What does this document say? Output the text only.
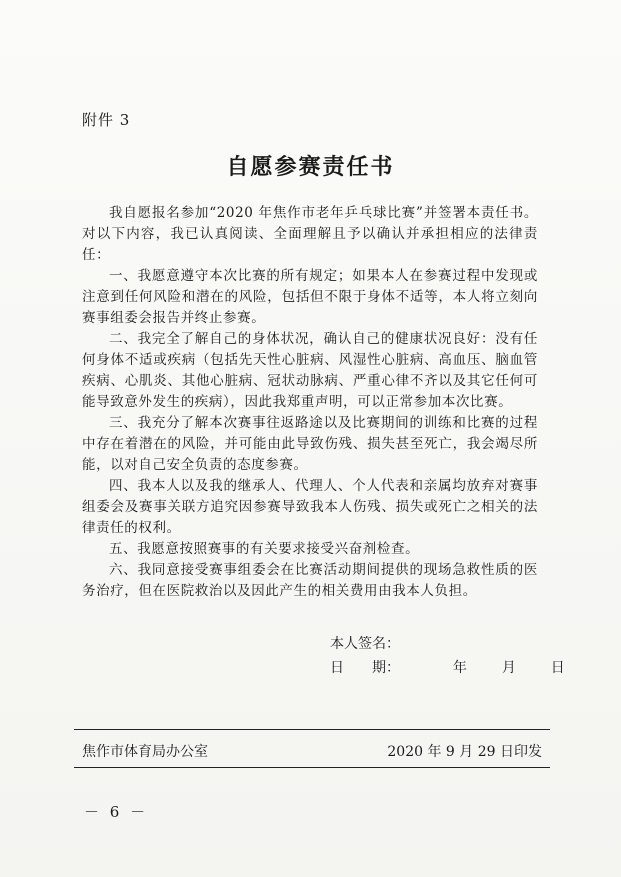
附件 3
自愿参赛责任书

我自愿报名参加“2020 年焦作市老年乒乓球比赛”并签署本责任书。对以下内容，我已认真阅读、全面理解且予以确认并承担相应的法律责任：

一、我愿意遵守本次比赛的所有规定；如果本人在参赛过程中发现或注意到任何风险和潜在的风险，包括但不限于身体不适等，本人将立刻向赛事组委会报告并终止参赛。

二、我完全了解自己的身体状况，确认自己的健康状况良好：没有任何身体不适或疾病（包括先天性心脏病、风湿性心脏病、高血压、脑血管疾病、心肌炎、其他心脏病、冠状动脉病、严重心律不齐以及其它任何可能导致意外发生的疾病），因此我郑重声明，可以正常参加本次比赛。

三、我充分了解本次赛事往返路途以及比赛期间的训练和比赛的过程中存在着潜在的风险，并可能由此导致伤残、损失甚至死亡，我会竭尽所能，以对自己安全负责的态度参赛。

四、我本人以及我的继承人、代理人、个人代表和亲属均放弃对赛事组委会及赛事关联方追究因参赛导致我本人伤残、损失或死亡之相关的法律责任的权利。

五、我愿意按照赛事的有关要求接受兴奋剂检查。

六、我同意接受赛事组委会在比赛活动期间提供的现场急救性质的医务治疗，但在医院救治以及因此产生的相关费用由我本人负担。

本人签名：
日　　期：	年 月 日
焦作市体育局办公室	2020 年 9 月 29 日印发
－ 6 －
